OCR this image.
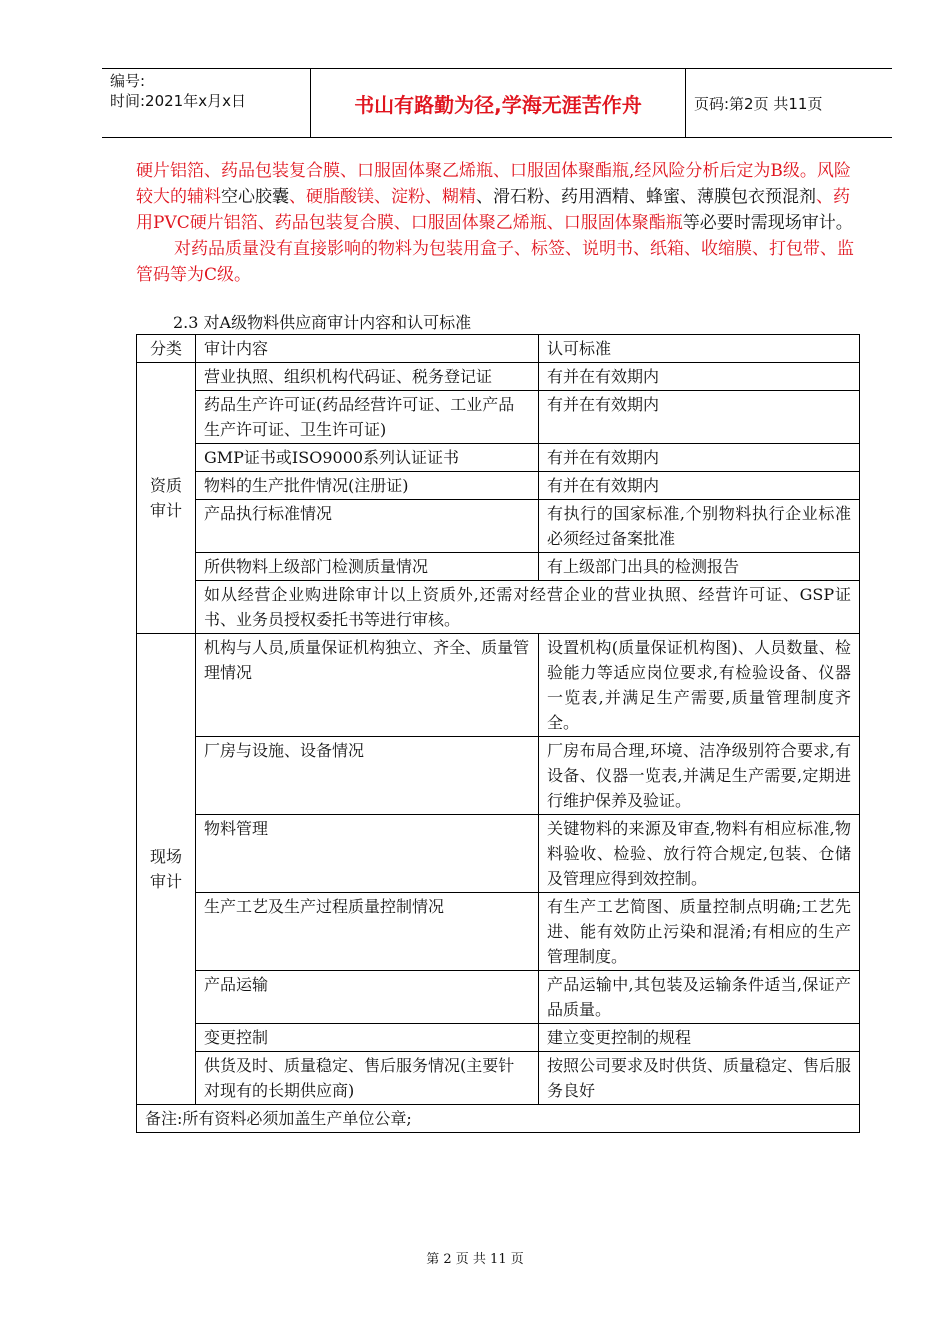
编号:
时间:2021年x月x日	书山有路勤为径,学海无涯苦作舟	页码:第2页 共11页

硬片铝箔、药品包装复合膜、口服固体聚乙烯瓶、口服固体聚酯瓶,经风险分析后定为B级。风险较大的辅料空心胶囊、硬脂酸镁、淀粉、糊精、滑石粉、药用酒精、蜂蜜、薄膜包衣预混剂、药用PVC硬片铝箔、药品包装复合膜、口服固体聚乙烯瓶、口服固体聚酯瓶等必要时需现场审计。

对药品质量没有直接影响的物料为包装用盒子、标签、说明书、纸箱、收缩膜、打包带、监管码等为C级。

2.3 对A级物料供应商审计内容和认可标准
分类	审计内容	认可标准
资质审计	营业执照、组织机构代码证、税务登记证	有并在有效期内
	药品生产许可证(药品经营许可证、工业产品生产许可证、卫生许可证)	有并在有效期内
	GMP证书或ISO9000系列认证证书	有并在有效期内
	物料的生产批件情况(注册证)	有并在有效期内
	产品执行标准情况	有执行的国家标准,个别物料执行企业标准必须经过备案批准
	所供物料上级部门检测质量情况	有上级部门出具的检测报告
	如从经营企业购进除审计以上资质外,还需对经营企业的营业执照、经营许可证、GSP证书、业务员授权委托书等进行审核。	
现场审计	机构与人员,质量保证机构独立、齐全、质量管理情况	设置机构(质量保证机构图)、人员数量、检验能力等适应岗位要求,有检验设备、仪器一览表,并满足生产需要,质量管理制度齐全。
	厂房与设施、设备情况	厂房布局合理,环境、洁净级别符合要求,有设备、仪器一览表,并满足生产需要,定期进行维护保养及验证。
	物料管理	关键物料的来源及审查,物料有相应标准,物料验收、检验、放行符合规定,包装、仓储及管理应得到效控制。
	生产工艺及生产过程质量控制情况	有生产工艺简图、质量控制点明确;工艺先进、能有效防止污染和混淆;有相应的生产管理制度。
	产品运输	产品运输中,其包装及运输条件适当,保证产品质量。
	变更控制	建立变更控制的规程
	供货及时、质量稳定、售后服务情况(主要针对现有的长期供应商)	按照公司要求及时供货、质量稳定、售后服务良好
备注:所有资料必须加盖生产单位公章;		
第 2 页 共 11 页
